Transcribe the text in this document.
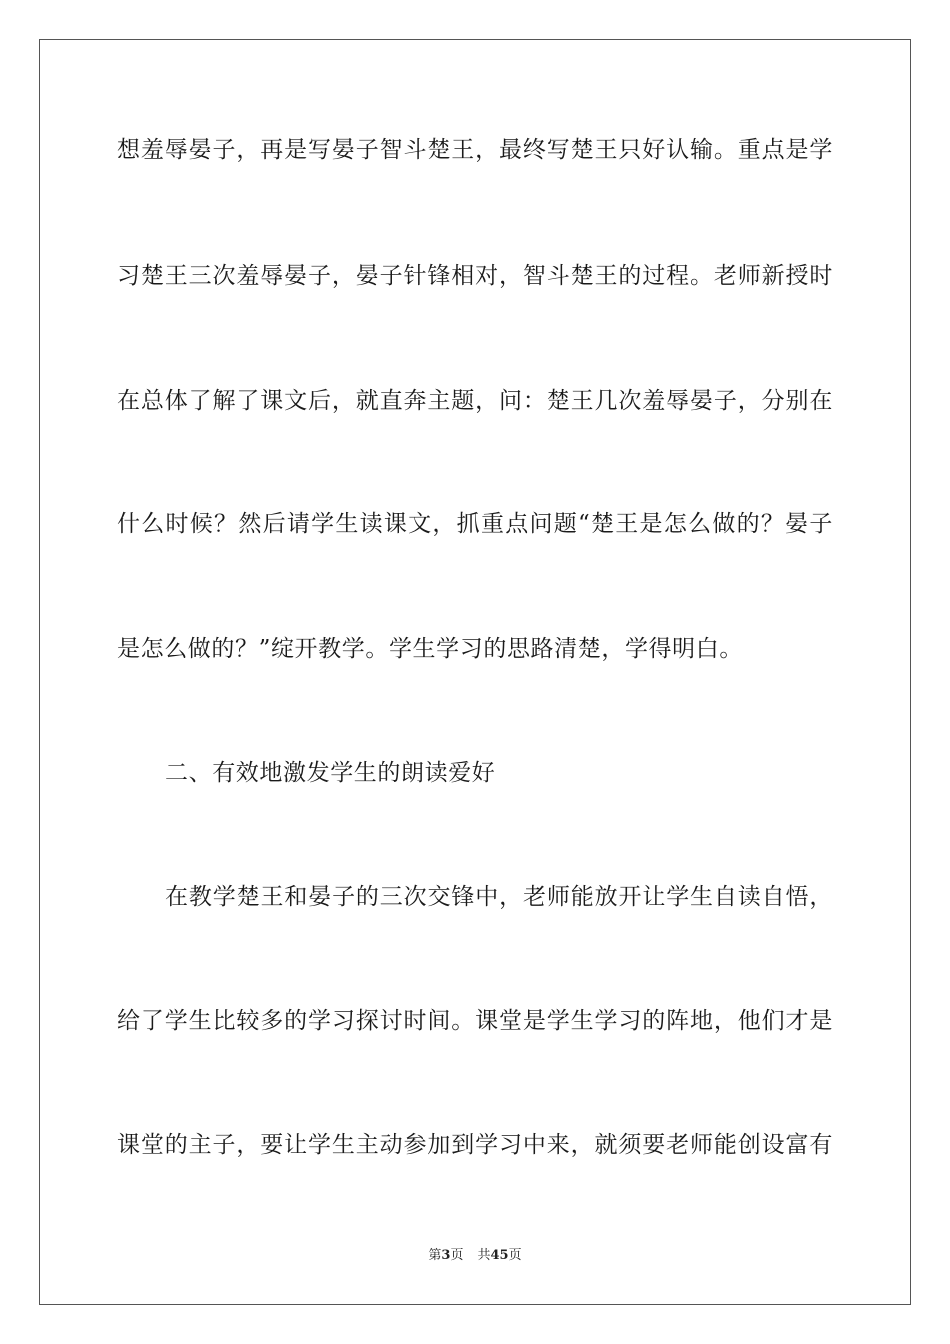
想羞辱晏子，再是写晏子智斗楚王，最终写楚王只好认输。重点是学
习楚王三次羞辱晏子，晏子针锋相对，智斗楚王的过程。老师新授时
在总体了解了课文后，就直奔主题，问：楚王几次羞辱晏子，分别在
什么时候？然后请学生读课文，抓重点问题“楚王是怎么做的？晏子
是怎么做的？”绽开教学。学生学习的思路清楚，学得明白。
二、有效地激发学生的朗读爱好
在教学楚王和晏子的三次交锋中，老师能放开让学生自读自悟，
给了学生比较多的学习探讨时间。课堂是学生学习的阵地，他们才是
课堂的主子，要让学生主动参加到学习中来，就须要老师能创设富有
第3页 共45页
